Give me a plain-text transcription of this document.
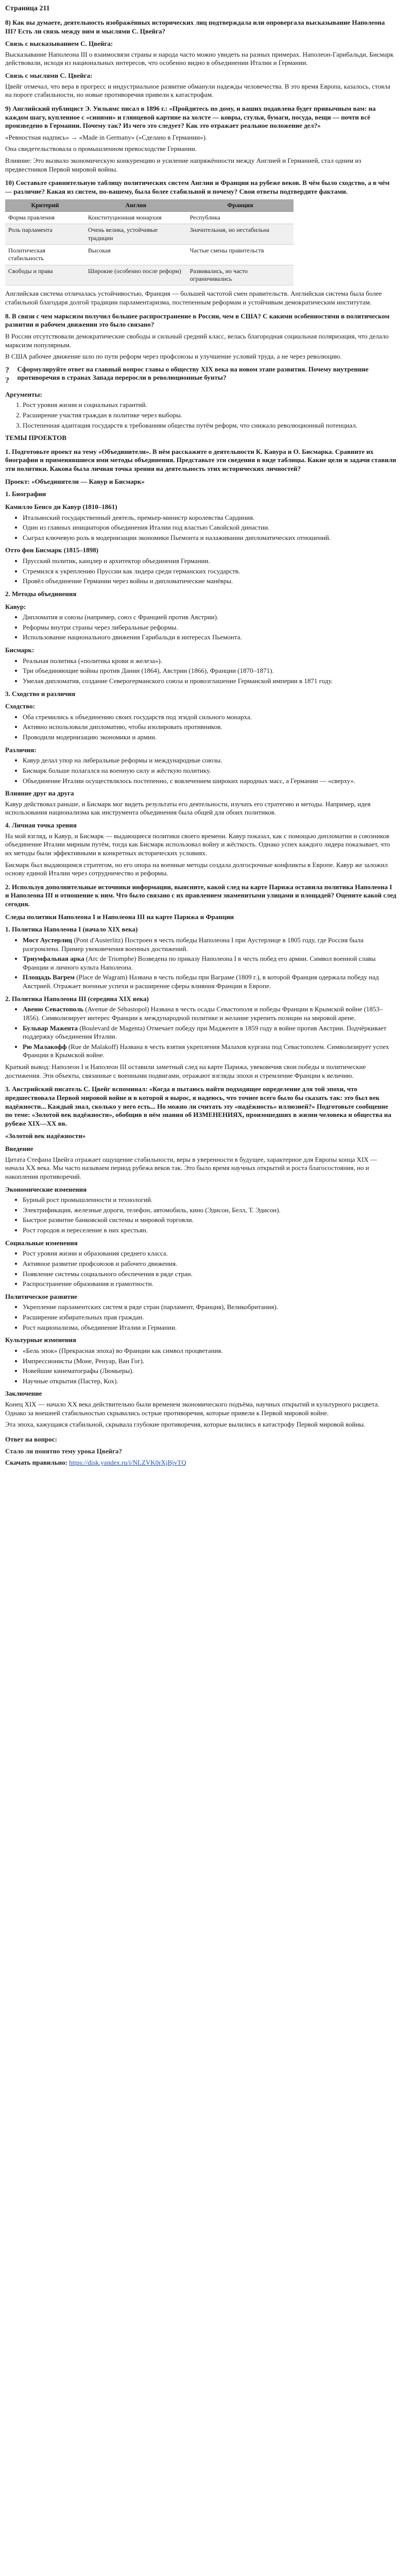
Страница 211

8) Как вы думаете, деятельность изображённых исторических лиц подтверждала или опровергала высказывание Наполеона III? Есть ли связь между ним и мыслями С. Цвейга?

Связь с высказыванием С. Цвейга:

Высказывание Наполеона III о взаимосвязи страны и народа часто можно увидеть на разных примерах. Наполеон-Гарибальди, Бисмарк действовали, исходя из национальных интересов, что особенно видно в объединении Италии и Германии.

Связь с мыслями С. Цвейга:

Цвейг отмечал, что вера в прогресс и индустриальное развитие обманули надежды человечества. В это время Европа, казалось, стояла на пороге стабильности, но новые противоречия привели к катастрофам.

9) Английский публицист Э. Уильямс писал в 1896 г.: «Пройдитесь по дому, и ваших подавлена будет привычным вам: на каждом шагу, купленное с «синими» и глянцевой картине на холсте — ковры, стулья, бумаги, посуда, вещи — почти всё произведено в Германии. Почему так? Из чего это следует? Как это отражает реальное положение дел?»

«Ревностная надпись» → «Made in Germany» («Сделано в Германии»).

Она свидетельствовала о промышленном превосходстве Германии.

Влияние: Это вызвало экономическую конкуренцию и усиление напряжённости между Англией и Германией, стал одним из предвестников Первой мировой войны.

10) Составьте сравнительную таблицу политических систем Англии и Франции на рубеже веков. В чём было сходство, а в чём — различие? Какая из систем, по-вашему, была более стабильной и почему? Свои ответы подтвердите фактами.

Критерий	Англия	Франция
Форма правления	Конституционная монархия	Республика
Роль парламента	Очень велика, устойчивые традиции	Значительная, но нестабильна
Политическая стабильность	Высокая	Частые смены правительств
Свободы и права	Широкие (особенно после реформ)	Развивались, но часто ограничивались

Английская система отличалась устойчивостью, Франция — большей частотой смен правительств. Английская система была более стабильной благодаря долгой традиции парламентаризма, постепенным реформам и устойчивым демократическим институтам.

8. В связи с чем марксизм получил большее распространение в России, чем в США? С какими особенностями в политическом развитии и рабочем движении это было связано?

В России отсутствовали демократические свободы и сильный средний класс, велась благородная социальная поляризация, что делало марксизм популярным.

В США рабочее движение шло по пути реформ через профсоюзы и улучшение условий труда, а не через революцию.

? ?
Сформулируйте ответ на главный вопрос главы о обществу XIX века на новом этапе развития. Почему внутренние противоречия в странах Запада переросли в революционные бунты?

Аргументы:

1. Рост уровня жизни и социальных гарантий.
2. Расширение участия граждан в политике через выборы.
3. Постепенная адаптация государств к требованиям общества путём реформ, что снижало революционный потенциал.

ТЕМЫ ПРОЕКТОВ

1. Подготовьте проект на тему «Объединители». В нём расскажите о деятельности К. Кавура и О. Бисмарка. Сравните их биографии и применявшиеся ими методы объединения. Представьте эти сведения в виде таблицы. Какие цели и задачи ставили эти политики. Какова была личная точка зрения на деятельность этих исторических личностей?

Проект: «Объединители — Кавур и Бисмарк»

1. Биографии

Камилло Бенсо ди Кавур (1810–1861)

• Итальянский государственный деятель, премьер-министр королевства Сардиния.
• Один из главных инициаторов объединения Италии под властью Савойской династии.
• Сыграл ключевую роль в модернизации экономики Пьемонта и налаживании дипломатических отношений.

Отто фон Бисмарк (1815–1898)

• Прусский политик, канцлер и архитектор объединения Германии.
• Стремился к укреплению Пруссии как лидера среди германских государств.
• Провёл объединение Германии через войны и дипломатические манёвры.

2. Методы объединения

Кавур:

• Дипломатия и союзы (например, союз с Францией против Австрии).
• Реформы внутри страны через либеральные реформы.
• Использование национального движения Гарибальди в интересах Пьемонта.

Бисмарк:

• Реальная политика («политика крови и железа»).
• Три объединяющие войны против Дании (1864), Австрии (1866), Франции (1870–1871).
• Умелая дипломатия, создание Северогерманского союза и провозглашение Германской империи в 1871 году.

3. Сходство и различия

Сходство:

• Оба стремились к объединению своих государств под эгидой сильного монарха.
• Активно использовали дипломатию, чтобы изолировать противников.
• Проводили модернизацию экономики и армии.

Различия:

• Кавур делал упор на либеральные реформы и международные союзы.
• Бисмарк больше полагался на военную силу и жёсткую политику.
• Объединение Италии осуществлялось постепенно, с вовлечением широких народных масс, а Германии — «сверху».

Влияние друг на друга

Кавур действовал раньше, и Бисмарк мог видеть результаты его деятельности, изучать его стратегию и методы. Например, идея использования национализма как инструмента объединения была общей для обоих политиков.

4. Личная точка зрения

На мой взгляд, и Кавур, и Бисмарк — выдающиеся политики своего времени. Кавур показал, как с помощью дипломатии и союзников объединение Италии мирным путём, тогда как Бисмарк использовал войну и жёсткость. Однако успех каждого лидера показывает, что их методы были эффективными в конкретных исторических условиях.

Бисмарк был выдающимся стратегом, но его опора на военные методы создала долгосрочные конфликты в Европе. Кавур же заложил основу единой Италии через сотрудничество и реформы.

2. Используя дополнительные источники информации, выясните, какой след на карте Парижа оставила политика Наполеона I и Наполеона III и отношение к ним. Что было связано с их правлением знаменитыми улицами и площадей? Оцените какой след сегодня.

Следы политики Наполеона I и Наполеона III на карте Парижа и Франции

1. Политика Наполеона I (начало XIX века)

• Мост Аустерлиц (Pont d'Austerlitz) Построен в честь победы Наполеона I при Аустерлице в 1805 году, где Россия была разгромлена. Пример увековечения военных достижений.
• Триумфальная арка (Arc de Triomphe) Возведена по приказу Наполеона I в честь побед его армии. Символ военной славы Франции и личного культа Наполеона.
• Площадь Вагрем (Place de Wagram) Названа в честь победы при Ваграме (1809 г.), в которой Франция одержала победу над Австрией. Отражает военные успехи и расширение сферы влияния Франции в Европе.

2. Политика Наполеона III (середина XIX века)

• Авеню Севастополь (Avenue de Sébastopol) Названа в честь осады Севастополя и победы Франции в Крымской войне (1853–1856). Символизирует интерес Франции к международной политике и желание укрепить позиции на мировой арене.
• Бульвар Мажента (Boulevard de Magenta) Отмечает победу при Мадженте в 1859 году в войне против Австрии. Подчёркивает поддержку объединения Италии.
• Рю Малакофф (Rue de Malakoff) Названа в честь взятия укрепления Малахов кургана под Севастополем. Символизирует успех Франции в Крымской войне.

Краткий вывод: Наполеон I и Наполеон III оставили заметный след на карте Парижа, увековечив свои победы и политические достижения. Эти объекты, связанные с военными подвигами, отражают взгляды эпохи и стремление Франции к величию.

3. Австрийский писатель С. Цвейг вспоминал: «Когда я пытаюсь найти подходящее определение для той эпохи, что предшествовала Первой мировой войне и в которой я вырос, я надеюсь, что точнее всего было бы сказать так: это был век надёжности... Каждый знал, сколько у него есть... Но можно ли считать эту «надёжность» иллюзией?» Подготовьте сообщение по теме: «Золотой век надёжности», обобщив в нём знания об ИЗМЕНЕНИЯХ, произошедших в жизни человека и общества на рубеже XIX—XX вв.

«Золотой век надёжности»

Введение

Цитата Стефана Цвейга отражает ощущение стабильности, веры в уверенности в будущее, характерное для Европы конца XIX — начала XX века. Мы часто называем период рубежа веков так. Это было время научных открытий и роста благосостояния, но и накопления противоречий.

Экономические изменения

• Бурный рост промышленности и технологий.
• Электрификация, железные дороги, телефон, автомобиль, кино (Эдисон, Белл, Т. Эдисон).
• Быстрое развитие банковской системы и мировой торговли.
• Рост городов и переселение в них крестьян.

Социальные изменения

• Рост уровня жизни и образования среднего класса.
• Активное развитие профсоюзов и рабочего движения.
• Появление системы социального обеспечения в ряде стран.
• Распространение образования и грамотности.

Политическое развитие

• Укрепление парламентских систем в ряде стран (парламент, Франция), Великобритания).
• Расширение избирательных прав граждан.
• Рост национализма, объединение Италии и Германии.

Культурные изменения

• «Бель эпок» (Прекрасная эпоха) во Франции как символ процветания.
• Импрессионисты (Моне, Ренуар, Ван Гог).
• Новейшие кинематографы (Люмьеры).
• Научные открытия (Пастер, Кох).

Заключение

Конец XIX — начало XX века действительно были временем экономического подъёма, научных открытий и культурного расцвета. Однако за внешней стабильностью скрывались острые противоречия, которые привели к Первой мировой войне.

Эта эпоха, кажущаяся стабильной, скрывала глубокие противоречия, которые вылились в катастрофу Первой мировой войны.

Ответ на вопрос:

Стало ли понятно тему урока Цвейга?

Скачать правильно: https://disk.yandex.ru/i/NLZVK0rXjBjvTQ
